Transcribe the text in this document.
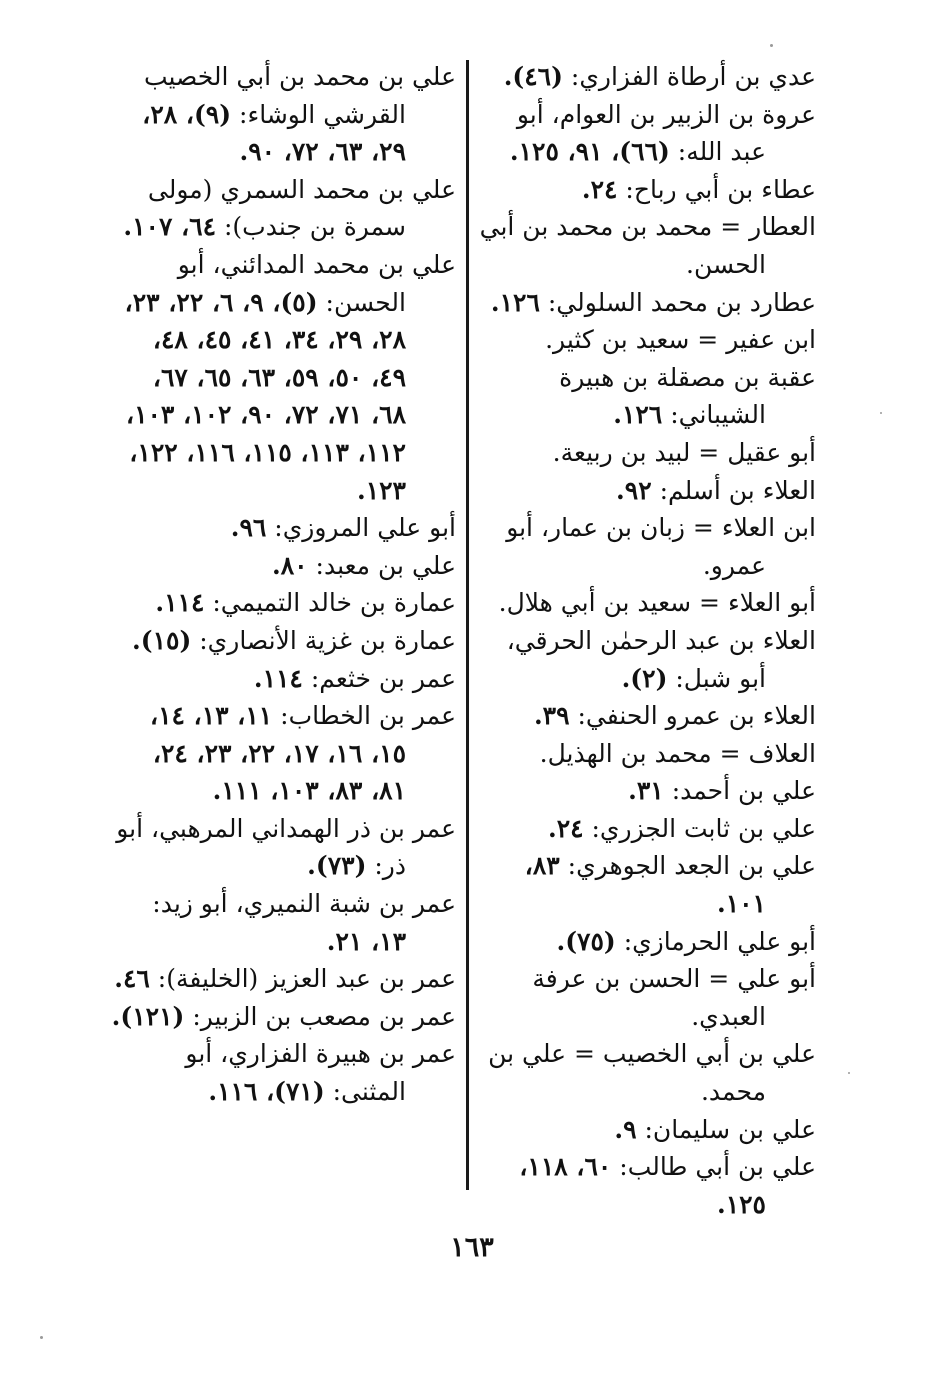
عدي بن أرطاة الفزاري: (٤٦).
عروة بن الزبير بن العوام، أبو عبد الله: (٦٦)، ٩١، ١٢٥.
عطاء بن أبي رباح: ٢٤.
العطار = محمد بن محمد بن أبي الحسن.
عطارد بن محمد السلولي: ١٢٦.
ابن عفير = سعيد بن كثير.
عقبة بن مصقلة بن هبيرة الشيباني: ١٢٦.
أبو عقيل = لبيد بن ربيعة.
العلاء بن أسلم: ٩٢.
ابن العلاء = زبان بن عمار، أبو عمرو.
أبو العلاء = سعيد بن أبي هلال.
العلاء بن عبد الرحمٰن الحرقي، أبو شبل: (٢).
العلاء بن عمرو الحنفي: ٣٩.
العلاف = محمد بن الهذيل.
علي بن أحمد: ٣١.
علي بن ثابت الجزري: ٢٤.
علي بن الجعد الجوهري: ٨٣، ١٠١.
أبو علي الحرمازي: (٧٥).
أبو علي = الحسن بن عرفة العبدي.
علي بن أبي الخصيب = علي بن محمد.
علي بن سليمان: ٩.
علي بن أبي طالب: ٦٠، ١١٨، ١٢٥.
علي بن محمد بن أبي الخصيب القرشي الوشاء: (٩)، ٢٨، ٢٩، ٦٣، ٧٢، ٩٠.
علي بن محمد السمري (مولى سمرة بن جندب): ٦٤، ١٠٧.
علي بن محمد المدائني، أبو الحسن: (٥)، ٩، ٦، ٢٢، ٢٣، ٢٨، ٢٩، ٣٤، ٤١، ٤٥، ٤٨، ٤٩، ٥٠، ٥٩، ٦٣، ٦٥، ٦٧، ٦٨، ٧١، ٧٢، ٩٠، ١٠٢، ١٠٣، ١١٢، ١١٣، ١١٥، ١١٦، ١٢٢، ١٢٣.
أبو علي المروزي: ٩٦.
علي بن معبد: ٨٠.
عمارة بن خالد التميمي: ١١٤.
عمارة بن غزية الأنصاري: (١٥).
عمر بن خثعم: ١١٤.
عمر بن الخطاب: ١١، ١٣، ١٤، ١٥، ١٦، ١٧، ٢٢، ٢٣، ٢٤، ٨١، ٨٣، ١٠٣، ١١١.
عمر بن ذر الهمداني المرهبي، أبو ذر: (٧٣).
عمر بن شبة النميري، أبو زيد: ١٣، ٢١.
عمر بن عبد العزيز (الخليفة): ٤٦.
عمر بن مصعب بن الزبير: (١٢١).
عمر بن هبيرة الفزاري، أبو المثنى: (٧١)، ١١٦.
١٦٣
